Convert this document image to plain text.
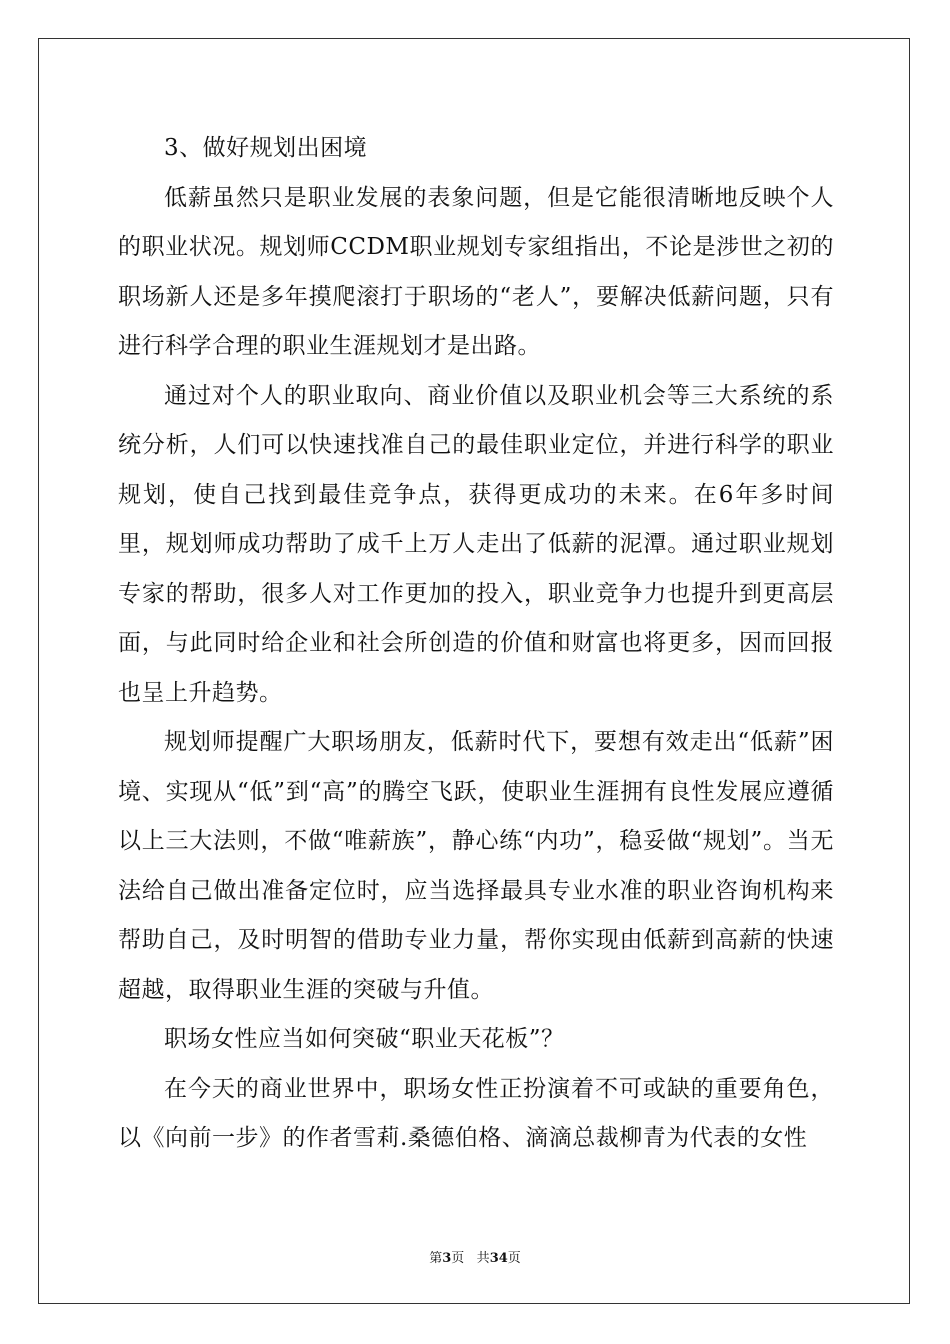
3、做好规划出困境

低薪虽然只是职业发展的表象问题，但是它能很清晰地反映个人的职业状况。规划师CCDM职业规划专家组指出，不论是涉世之初的职场新人还是多年摸爬滚打于职场的“老人”，要解决低薪问题，只有进行科学合理的职业生涯规划才是出路。

通过对个人的职业取向、商业价值以及职业机会等三大系统的系统分析，人们可以快速找准自己的最佳职业定位，并进行科学的职业规划，使自己找到最佳竞争点，获得更成功的未来。在6年多时间里，规划师成功帮助了成千上万人走出了低薪的泥潭。通过职业规划专家的帮助，很多人对工作更加的投入，职业竞争力也提升到更高层面，与此同时给企业和社会所创造的价值和财富也将更多，因而回报也呈上升趋势。

规划师提醒广大职场朋友，低薪时代下，要想有效走出“低薪”困境、实现从“低”到“高”的腾空飞跃，使职业生涯拥有良性发展应遵循以上三大法则，不做“唯薪族”，静心练“内功”，稳妥做“规划”。当无法给自己做出准备定位时，应当选择最具专业水准的职业咨询机构来帮助自己，及时明智的借助专业力量，帮你实现由低薪到高薪的快速超越，取得职业生涯的突破与升值。

职场女性应当如何突破“职业天花板”？

在今天的商业世界中，职场女性正扮演着不可或缺的重要角色，以《向前一步》的作者雪莉.桑德伯格、滴滴总裁柳青为代表的女性

第3页 共34页
